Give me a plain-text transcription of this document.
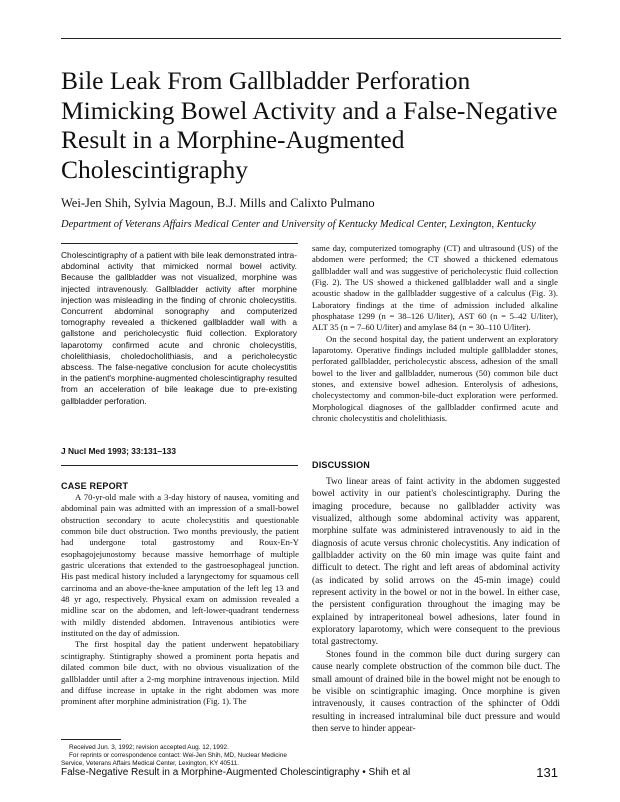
Bile Leak From Gallbladder Perforation
Mimicking Bowel Activity and a False-Negative
Result in a Morphine-Augmented
Cholescintigraphy
Wei-Jen Shih, Sylvia Magoun, B.J. Mills and Calixto Pulmano
Department of Veterans Affairs Medical Center and University of Kentucky Medical Center, Lexington, Kentucky

Cholescintigraphy of a patient with bile leak demonstrated intra-abdominal activity that mimicked normal bowel activity. Because the gallbladder was not visualized, morphine was injected intravenously. Gallbladder activity after morphine injection was misleading in the finding of chronic cholecystitis. Concurrent abdominal sonography and computerized tomography revealed a thickened gallbladder wall with a gallstone and pericholecystic fluid collection. Exploratory laparotomy confirmed acute and chronic cholecystitis, cholelithiasis, choledocholithiasis, and a pericholecystic abscess. The false-negative conclusion for acute cholecystitis in the patient's morphine-augmented cholescintigraphy resulted from an acceleration of bile leakage due to pre-existing gallbladder perforation.

J Nucl Med 1993; 33:131–133
CASE REPORT

A 70-yr-old male with a 3-day history of nausea, vomiting and abdominal pain was admitted with an impression of a small-bowel obstruction secondary to acute cholecystitis and questionable common bile duct obstruction. Two months previously, the patient had undergone total gastrostomy and Roux-En-Y esophagojejunostomy because massive hemorrhage of multiple gastric ulcerations that extended to the gastroesophageal junction. His past medical history included a laryngectomy for squamous cell carcinoma and an above-the-knee amputation of the left leg 13 and 48 yr ago, respectively. Physical exam on admission revealed a midline scar on the abdomen, and left-lower-quadrant tenderness with mildly distended abdomen. Intravenous antibiotics were instituted on the day of admission.

The first hospital day the patient underwent hepatobiliary scintigraphy. Stintigraphy showed a prominent porta hepatis and dilated common bile duct, with no obvious visualization of the gallbladder until after a 2-mg morphine intravenous injection. Mild and diffuse increase in uptake in the right abdomen was more prominent after morphine administration (Fig. 1). The

same day, computerized tomography (CT) and ultrasound (US) of the abdomen were performed; the CT showed a thickened edematous gallbladder wall and was suggestive of pericholecystic fluid collection (Fig. 2). The US showed a thickened gallbladder wall and a single acoustic shadow in the gallbladder suggestive of a calculus (Fig. 3). Laboratory findings at the time of admission included alkaline phosphatase 1299 (n = 38–126 U/liter), AST 60 (n = 5–42 U/liter), ALT 35 (n = 7–60 U/liter) and amylase 84 (n = 30–110 U/liter).

On the second hospital day, the patient underwent an exploratory laparotomy. Operative findings included multiple gallbladder stones, perforated gallbladder, pericholecystic abscess, adhesion of the small bowel to the liver and gallbladder, numerous (50) common bile duct stones, and extensive bowel adhesion. Enterolysis of adhesions, cholecystectomy and common-bile-duct exploration were performed. Morphological diagnoses of the gallbladder confirmed acute and chronic cholecystitis and cholelithiasis.

DISCUSSION

Two linear areas of faint activity in the abdomen suggested bowel activity in our patient's cholescintigraphy. During the imaging procedure, because no gallbladder activity was visualized, although some abdominal activity was apparent, morphine sulfate was administered intravenously to aid in the diagnosis of acute versus chronic cholecystitis. Any indication of gallbladder activity on the 60 min image was quite faint and difficult to detect. The right and left areas of abdominal activity (as indicated by solid arrows on the 45-min image) could represent activity in the bowel or not in the bowel. In either case, the persistent configuration throughout the imaging may be explained by intraperitoneal bowel adhesions, later found in exploratory laparotomy, which were consequent to the previous total gastrectomy.

Stones found in the common bile duct during surgery can cause nearly complete obstruction of the common bile duct. The small amount of drained bile in the bowel might not be enough to be visible on scintigraphic imaging. Once morphine is given intravenously, it causes contraction of the sphincter of Oddi resulting in increased intraluminal bile duct pressure and would then serve to hinder appear-

Received Jun. 3, 1992; revision accepted Aug. 12, 1992.

For reprints or correspondence contact: Wei-Jen Shih, MD, Nuclear Medicine Service, Veterans Affairs Medical Center, Lexington, KY 40511.

False-Negative Result in a Morphine-Augmented Cholescintigraphy • Shih et al	131
